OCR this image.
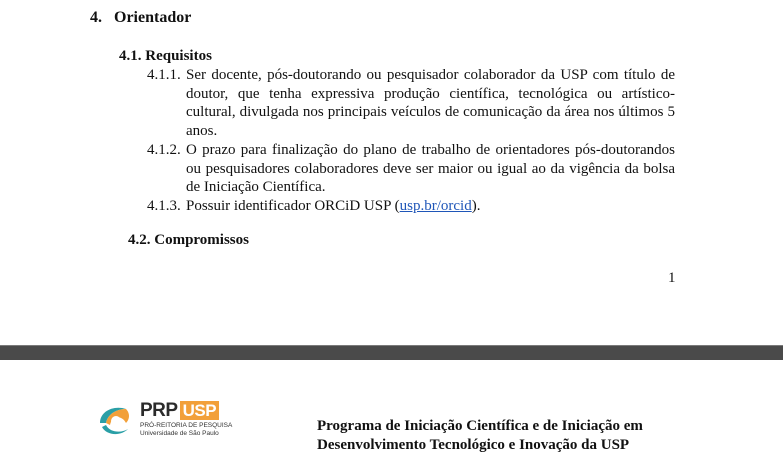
4. Orientador
4.1. Requisitos
4.1.1. Ser docente, pós-doutorando ou pesquisador colaborador da USP com título de doutor, que tenha expressiva produção científica, tecnológica ou artístico-cultural, divulgada nos principais veículos de comunicação da área nos últimos 5 anos.
4.1.2. O prazo para finalização do plano de trabalho de orientadores pós-doutorandos ou pesquisadores colaboradores deve ser maior ou igual ao da vigência da bolsa de Iniciação Científica.
4.1.3. Possuir identificador ORCiD USP (usp.br/orcid).
4.2. Compromissos
1
PRP USP
PRÓ-REITORIA DE PESQUISA
Universidade de São Paulo	Programa de Iniciação Científica e de Iniciação em
Desenvolvimento Tecnológico e Inovação da USP
